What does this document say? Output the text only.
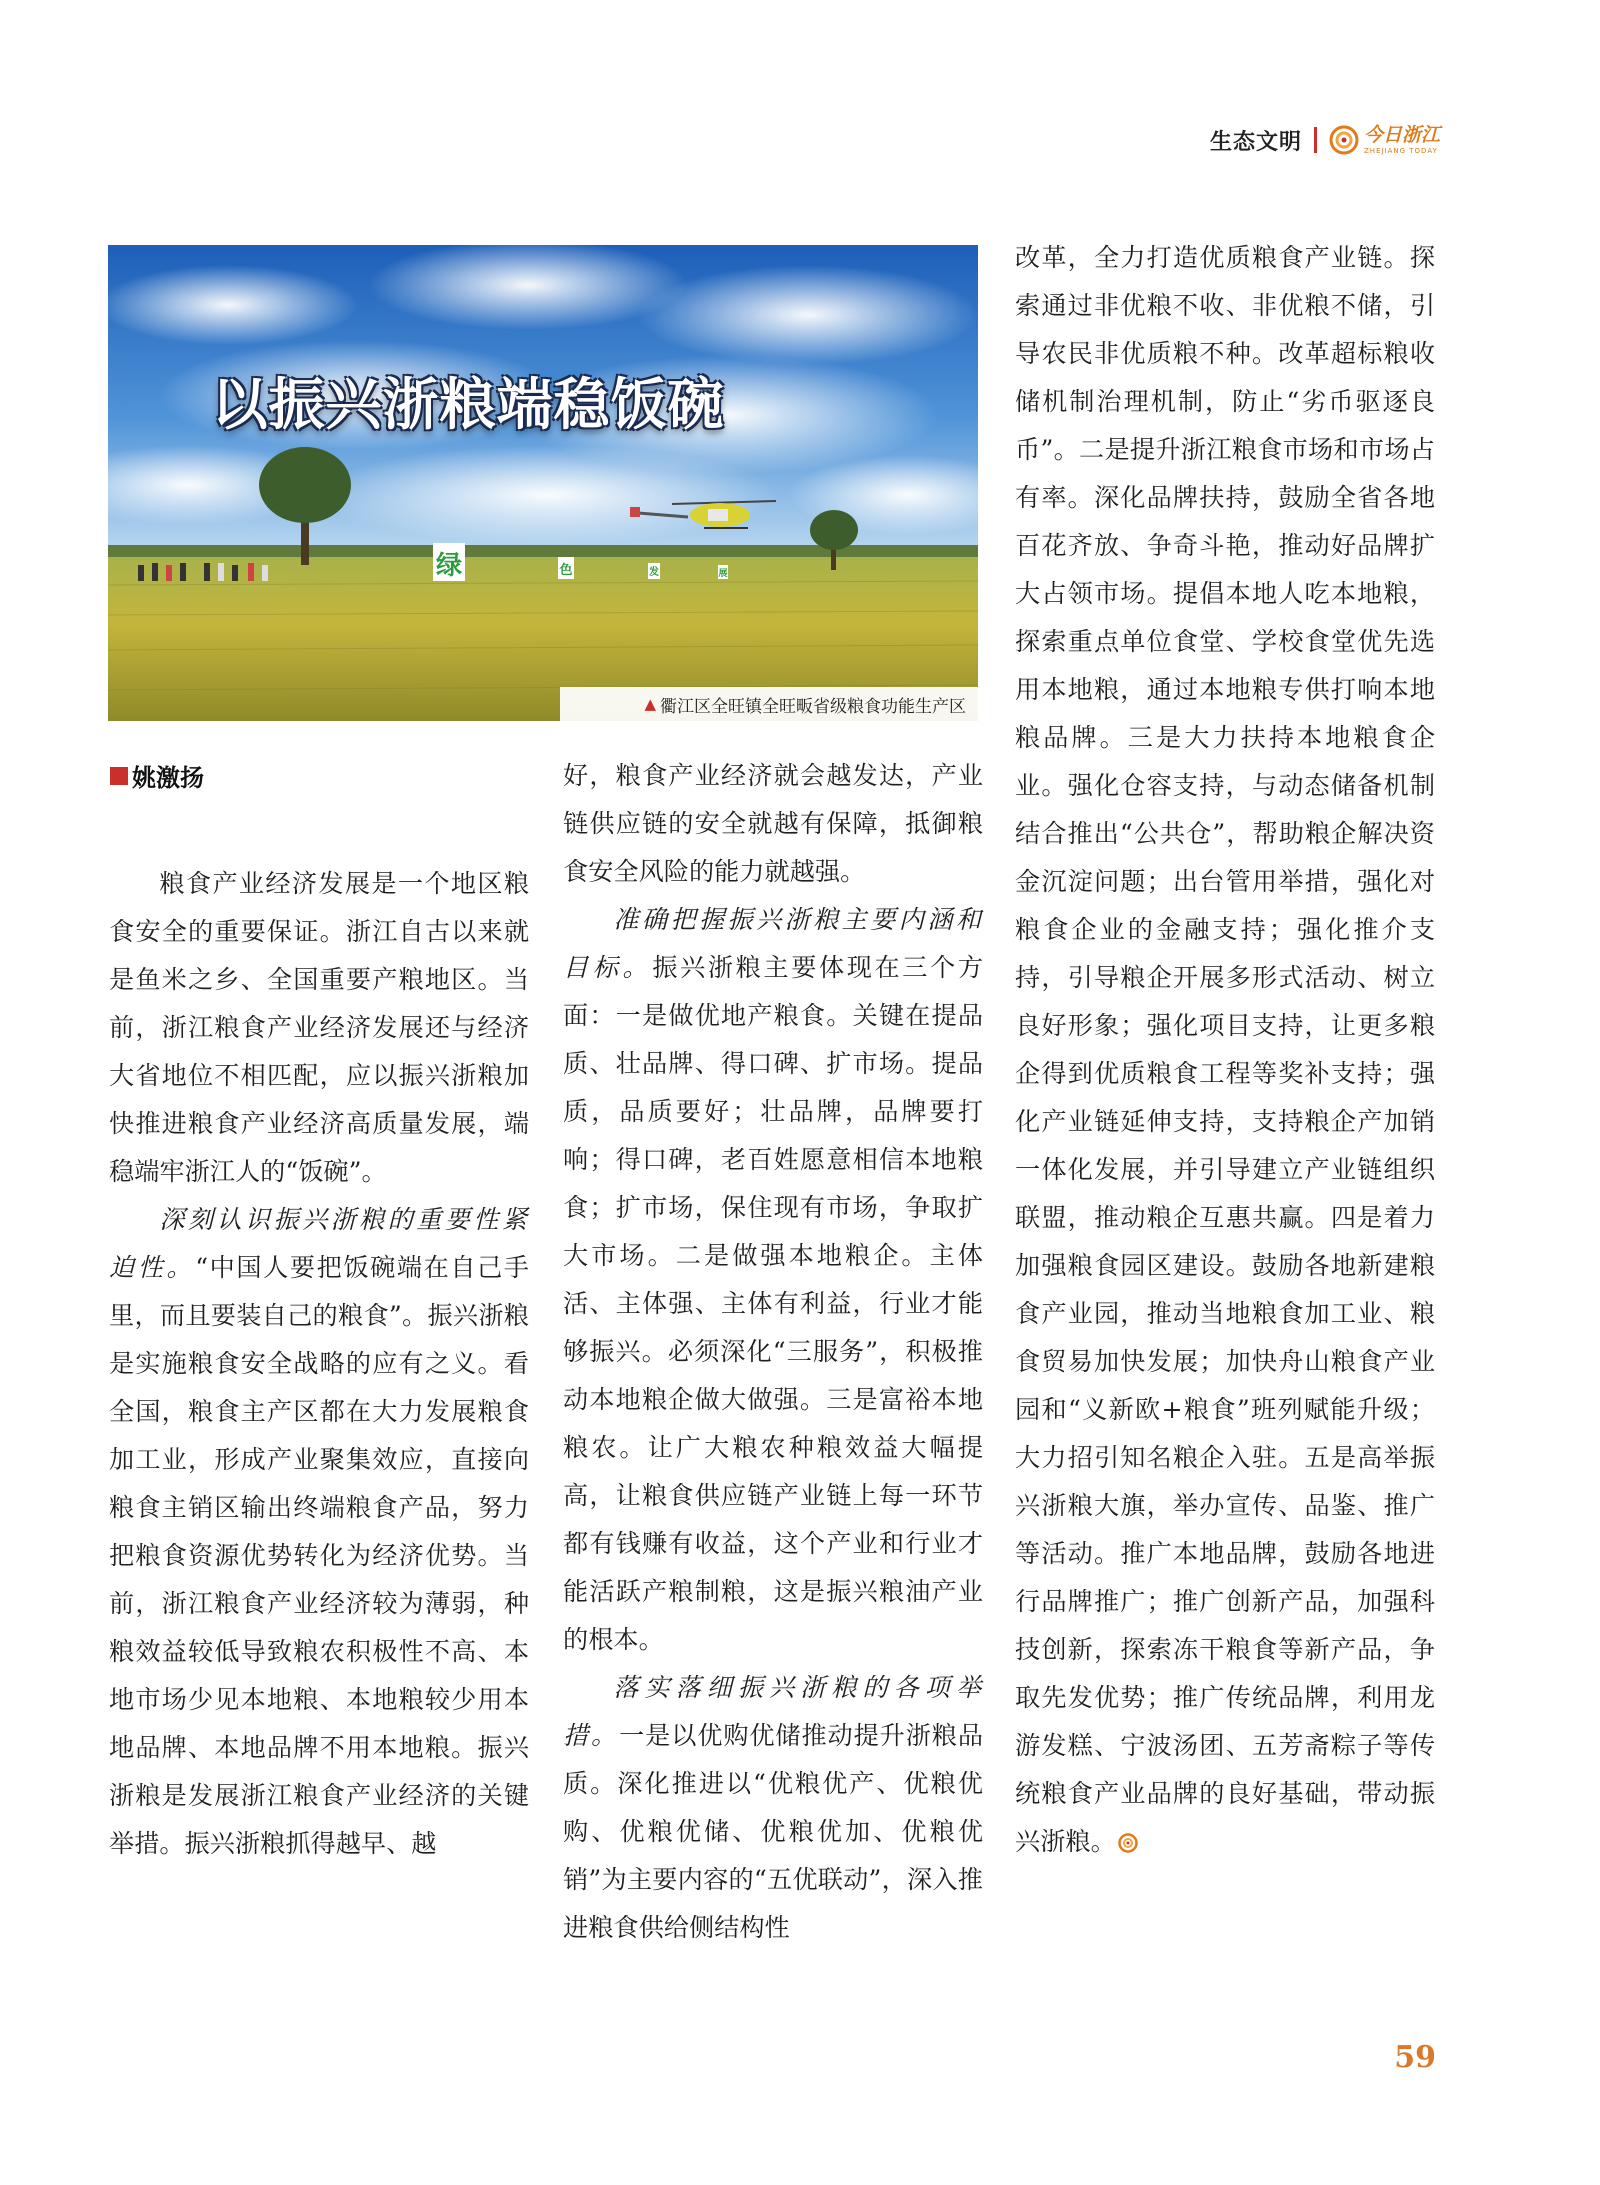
生态文明	今日浙江
ZHEJIANG TODAY
绿	色	发	展
以振兴浙粮端稳饭碗
▲ 衢江区全旺镇全旺畈省级粮食功能生产区
姚激扬

粮食产业经济发展是一个地区粮食安全的重要保证。浙江自古以来就是鱼米之乡、全国重要产粮地区。当前，浙江粮食产业经济发展还与经济大省地位不相匹配，应以振兴浙粮加快推进粮食产业经济高质量发展，端稳端牢浙江人的“饭碗”。

深刻认识振兴浙粮的重要性紧迫性。“中国人要把饭碗端在自己手里，而且要装自己的粮食”。振兴浙粮是实施粮食安全战略的应有之义。看全国，粮食主产区都在大力发展粮食加工业，形成产业聚集效应，直接向粮食主销区输出终端粮食产品，努力把粮食资源优势转化为经济优势。当前，浙江粮食产业经济较为薄弱，种粮效益较低导致粮农积极性不高、本地市场少见本地粮、本地粮较少用本地品牌、本地品牌不用本地粮。振兴浙粮是发展浙江粮食产业经济的关键举措。振兴浙粮抓得越早、越

好，粮食产业经济就会越发达，产业链供应链的安全就越有保障，抵御粮食安全风险的能力就越强。

准确把握振兴浙粮主要内涵和目标。振兴浙粮主要体现在三个方面：一是做优地产粮食。关键在提品质、壮品牌、得口碑、扩市场。提品质，品质要好；壮品牌，品牌要打响；得口碑，老百姓愿意相信本地粮食；扩市场，保住现有市场，争取扩大市场。二是做强本地粮企。主体活、主体强、主体有利益，行业才能够振兴。必须深化“三服务”，积极推动本地粮企做大做强。三是富裕本地粮农。让广大粮农种粮效益大幅提高，让粮食供应链产业链上每一环节都有钱赚有收益，这个产业和行业才能活跃产粮制粮，这是振兴粮油产业的根本。

落实落细振兴浙粮的各项举措。一是以优购优储推动提升浙粮品质。深化推进以“优粮优产、优粮优购、优粮优储、优粮优加、优粮优销”为主要内容的“五优联动”，深入推进粮食供给侧结构性

改革，全力打造优质粮食产业链。探索通过非优粮不收、非优粮不储，引导农民非优质粮不种。改革超标粮收储机制治理机制，防止“劣币驱逐良币”。二是提升浙江粮食市场和市场占有率。深化品牌扶持，鼓励全省各地百花齐放、争奇斗艳，推动好品牌扩大占领市场。提倡本地人吃本地粮，探索重点单位食堂、学校食堂优先选用本地粮，通过本地粮专供打响本地粮品牌。三是大力扶持本地粮食企业。强化仓容支持，与动态储备机制结合推出“公共仓”，帮助粮企解决资金沉淀问题；出台管用举措，强化对粮食企业的金融支持；强化推介支持，引导粮企开展多形式活动、树立良好形象；强化项目支持，让更多粮企得到优质粮食工程等奖补支持；强化产业链延伸支持，支持粮企产加销一体化发展，并引导建立产业链组织联盟，推动粮企互惠共赢。四是着力加强粮食园区建设。鼓励各地新建粮食产业园，推动当地粮食加工业、粮食贸易加快发展；加快舟山粮食产业园和“义新欧+粮食”班列赋能升级；大力招引知名粮企入驻。五是高举振兴浙粮大旗，举办宣传、品鉴、推广等活动。推广本地品牌，鼓励各地进行品牌推广；推广创新产品，加强科技创新，探索冻干粮食等新产品，争取先发优势；推广传统品牌，利用龙游发糕、宁波汤团、五芳斋粽子等传统粮食产业品牌的良好基础，带动振兴浙粮。

59
